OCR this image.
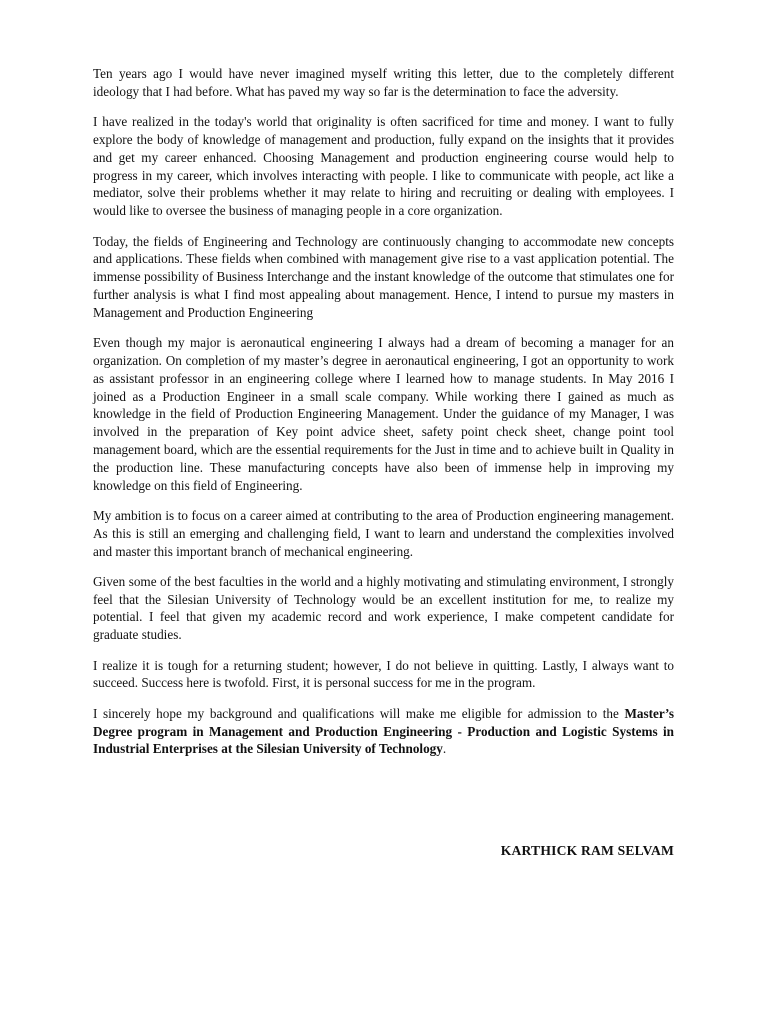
Ten years ago I would have never imagined myself writing this letter, due to the completely different ideology that I had before. What has paved my way so far is the determination to face the adversity.

I have realized in the today's world that originality is often sacrificed for time and money. I want to fully explore the body of knowledge of management and production, fully expand on the insights that it provides and get my career enhanced. Choosing Management and production engineering course would help to progress in my career, which involves interacting with people. I like to communicate with people, act like a mediator, solve their problems whether it may relate to hiring and recruiting or dealing with employees. I would like to oversee the business of managing people in a core organization.

Today, the fields of Engineering and Technology are continuously changing to accommodate new concepts and applications. These fields when combined with management give rise to a vast application potential. The immense possibility of Business Interchange and the instant knowledge of the outcome that stimulates one for further analysis is what I find most appealing about management. Hence, I intend to pursue my masters in Management and Production Engineering

Even though my major is aeronautical engineering I always had a dream of becoming a manager for an organization. On completion of my master’s degree in aeronautical engineering, I got an opportunity to work as assistant professor in an engineering college where I learned how to manage students. In May 2016 I joined as a Production Engineer in a small scale company. While working there I gained as much as knowledge in the field of Production Engineering Management. Under the guidance of my Manager, I was involved in the preparation of Key point advice sheet, safety point check sheet, change point tool management board, which are the essential requirements for the Just in time and to achieve built in Quality in the production line. These manufacturing concepts have also been of immense help in improving my knowledge on this field of Engineering.

My ambition is to focus on a career aimed at contributing to the area of Production engineering management. As this is still an emerging and challenging field, I want to learn and understand the complexities involved and master this important branch of mechanical engineering.

Given some of the best faculties in the world and a highly motivating and stimulating environment, I strongly feel that the Silesian University of Technology would be an excellent institution for me, to realize my potential. I feel that given my academic record and work experience, I make competent candidate for graduate studies.

I realize it is tough for a returning student; however, I do not believe in quitting. Lastly, I always want to succeed. Success here is twofold. First, it is personal success for me in the program.

I sincerely hope my background and qualifications will make me eligible for admission to the Master’s Degree program in Management and Production Engineering - Production and Logistic Systems in Industrial Enterprises at the Silesian University of Technology.

KARTHICK RAM SELVAM
